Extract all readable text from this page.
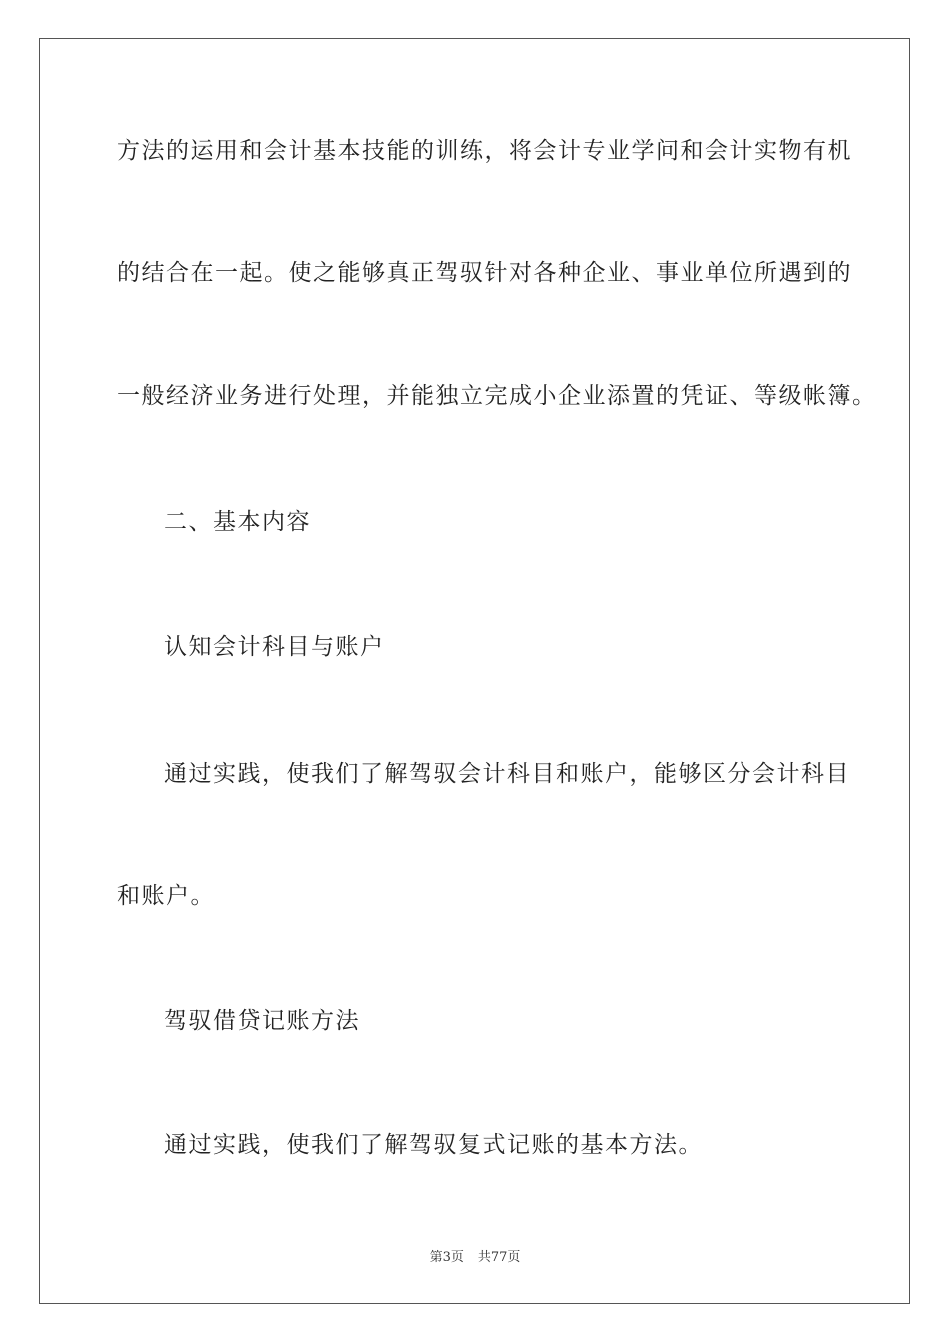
方法的运用和会计基本技能的训练，将会计专业学问和会计实物有机
的结合在一起。使之能够真正驾驭针对各种企业、事业单位所遇到的
一般经济业务进行处理，并能独立完成小企业添置的凭证、等级帐簿。
二、基本内容
认知会计科目与账户
通过实践，使我们了解驾驭会计科目和账户，能够区分会计科目
和账户。
驾驭借贷记账方法
通过实践，使我们了解驾驭复式记账的基本方法。
第3页 共77页
